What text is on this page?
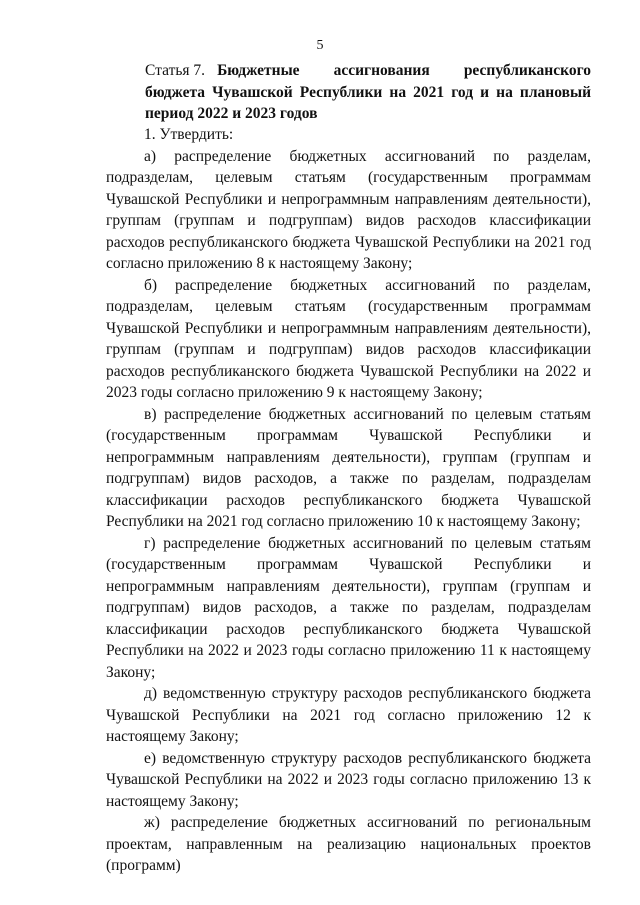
5
Статья 7. Бюджетные ассигнования республиканского бюджета Чувашской Республики на 2021 год и на плановый период 2022 и 2023 годов

1. Утвердить:

а) распределение бюджетных ассигнований по разделам, подразделам, целевым статьям (государственным программам Чувашской Республики и непрограммным направлениям деятельности), группам (группам и подгруппам) видов расходов классификации расходов республиканского бюджета Чувашской Республики на 2021 год согласно приложению 8 к настоящему Закону;

б) распределение бюджетных ассигнований по разделам, подразделам, целевым статьям (государственным программам Чувашской Республики и непрограммным направлениям деятельности), группам (группам и подгруппам) видов расходов классификации расходов республиканского бюджета Чувашской Республики на 2022 и 2023 годы согласно приложению 9 к настоящему Закону;

в) распределение бюджетных ассигнований по целевым статьям (государственным программам Чувашской Республики и непрограммным направлениям деятельности), группам (группам и подгруппам) видов расходов, а также по разделам, подразделам классификации расходов республиканского бюджета Чувашской Республики на 2021 год согласно приложению 10 к настоящему Закону;

г) распределение бюджетных ассигнований по целевым статьям (государственным программам Чувашской Республики и непрограммным направлениям деятельности), группам (группам и подгруппам) видов расходов, а также по разделам, подразделам классификации расходов республиканского бюджета Чувашской Республики на 2022 и 2023 годы согласно приложению 11 к настоящему Закону;

д) ведомственную структуру расходов республиканского бюджета Чувашской Республики на 2021 год согласно приложению 12 к настоящему Закону;

е) ведомственную структуру расходов республиканского бюджета Чувашской Республики на 2022 и 2023 годы согласно приложению 13 к настоящему Закону;

ж) распределение бюджетных ассигнований по региональным проектам, направленным на реализацию национальных проектов (программ)
